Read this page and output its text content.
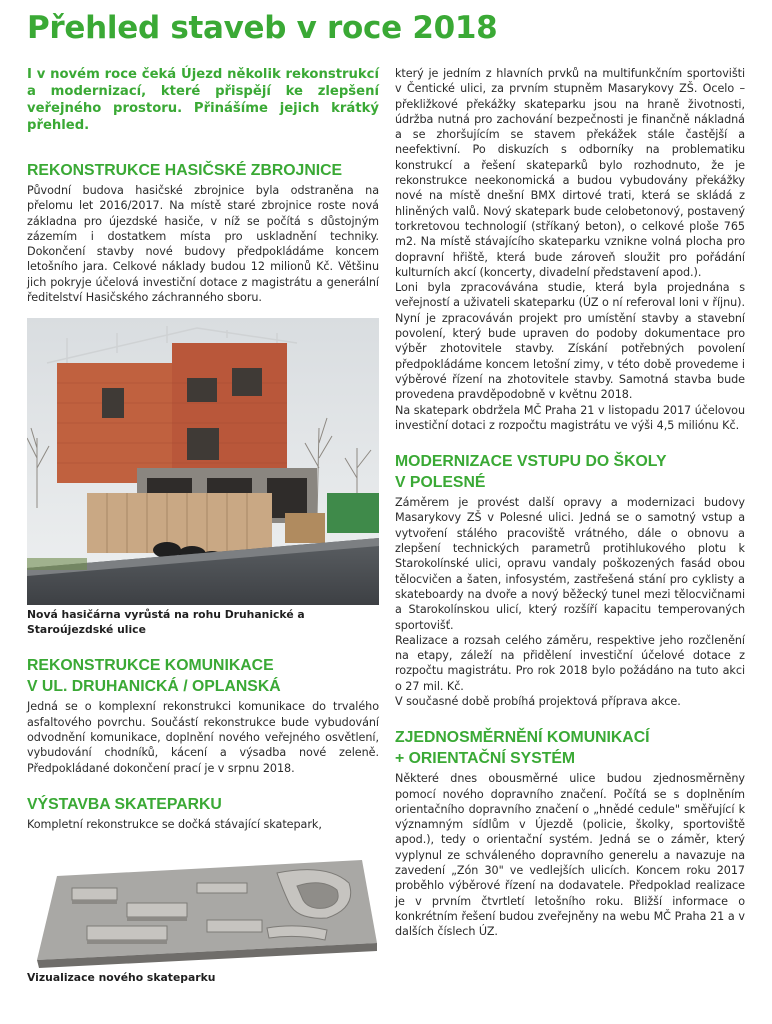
Přehled staveb v roce 2018

I v novém roce čeká Újezd několik rekonstrukcí a modernizací, které přispějí ke zlepšení veřejného prostoru. Přinášíme jejich krátký přehled.

REKONSTRUKCE HASIČSKÉ ZBROJNICE

Původní budova hasičské zbrojnice byla odstraněna na přelomu let 2016/2017. Na místě staré zbrojnice roste nová základna pro újezdské hasiče, v níž se počítá s důstojným zázemím i dostatkem místa pro uskladnění techniky. Dokončení stavby nové budovy předpokládáme koncem letošního jara. Celkové náklady budou 12 milionů Kč. Většinu jich pokryje účelová investiční dotace z magistrátu a generální ředitelství Hasičského záchranného sboru.

Nová hasičárna vyrůstá na rohu Druhanické a Staroújezdské ulice

REKONSTRUKCE KOMUNIKACE
V UL. DRUHANICKÁ / OPLANSKÁ

Jedná se o komplexní rekonstrukci komunikace do trvalého asfaltového povrchu. Součástí rekonstrukce bude vybudování odvodnění komunikace, doplnění nového veřejného osvětlení, vybudování chodníků, kácení a výsadba nové zeleně. Předpokládané dokončení prací je v srpnu 2018.

VÝSTAVBA SKATEPARKU

Kompletní rekonstrukce se dočká stávající skatepark,

Vizualizace nového skateparku

který je jedním z hlavních prvků na multifunkčním sportovišti v Čentické ulici, za prvním stupněm Masarykovy ZŠ. Ocelo – překližkové překážky skateparku jsou na hraně životnosti, údržba nutná pro zachování bezpečnosti je finančně nákladná a se zhoršujícím se stavem překážek stále častější a neefektivní. Po diskuzích s odborníky na problematiku konstrukcí a řešení skateparků bylo rozhodnuto, že je rekonstrukce neekonomická a budou vybudovány překážky nové na místě dnešní BMX dirtové trati, která se skládá z hliněných valů. Nový skatepark bude celobetonový, postavený torkretovou technologií (stříkaný beton), o celkové ploše 765 m2. Na místě stávajícího skateparku vznikne volná plocha pro dopravní hřiště, která bude zároveň sloužit pro pořádání kulturních akcí (koncerty, divadelní představení apod.).

Loni byla zpracovávána studie, která byla projednána s veřejností a uživateli skateparku (ÚZ o ní referoval loni v říjnu). Nyní je zpracováván projekt pro umístění stavby a stavební povolení, který bude upraven do podoby dokumentace pro výběr zhotovitele stavby. Získání potřebných povolení předpokládáme koncem letošní zimy, v této době provedeme i výběrové řízení na zhotovitele stavby. Samotná stavba bude provedena pravděpodobně v květnu 2018.

Na skatepark obdržela MČ Praha 21 v listopadu 2017 účelovou investiční dotaci z rozpočtu magistrátu ve výši 4,5 miliónu Kč.

MODERNIZACE VSTUPU DO ŠKOLY
V POLESNÉ

Záměrem je provést další opravy a modernizaci budovy Masarykovy ZŠ v Polesné ulici. Jedná se o samotný vstup a vytvoření stálého pracoviště vrátného, dále o obnovu a zlepšení technických parametrů protihlukového plotu k Starokolínské ulici, opravu vandaly poškozených fasád obou tělocvičen a šaten, infosystém, zastřešená stání pro cyklisty a skateboardy na dvoře a nový běžecký tunel mezi tělocvičnami a Starokolínskou ulicí, který rozšíří kapacitu temperovaných sportovišť.

Realizace a rozsah celého záměru, respektive jeho rozčlenění na etapy, záleží na přidělení investiční účelové dotace z rozpočtu magistrátu. Pro rok 2018 bylo požádáno na tuto akci o 27 mil. Kč.

V současné době probíhá projektová příprava akce.

ZJEDNOSMĚRNĚNÍ KOMUNIKACÍ
+ ORIENTAČNÍ SYSTÉM

Některé dnes obousměrné ulice budou zjednosměrněny pomocí nového dopravního značení. Počítá se s doplněním orientačního dopravního značení o „hnědé cedule" směřující k významným sídlům v Újezdě (policie, školky, sportoviště apod.), tedy o orientační systém. Jedná se o záměr, který vyplynul ze schváleného dopravního generelu a navazuje na zavedení „Zón 30" ve vedlejších ulicích. Koncem roku 2017 proběhlo výběrové řízení na dodavatele. Předpoklad realizace je v prvním čtvrtletí letošního roku. Bližší informace o konkrétním řešení budou zveřejněny na webu MČ Praha 21 a v dalších číslech ÚZ.
